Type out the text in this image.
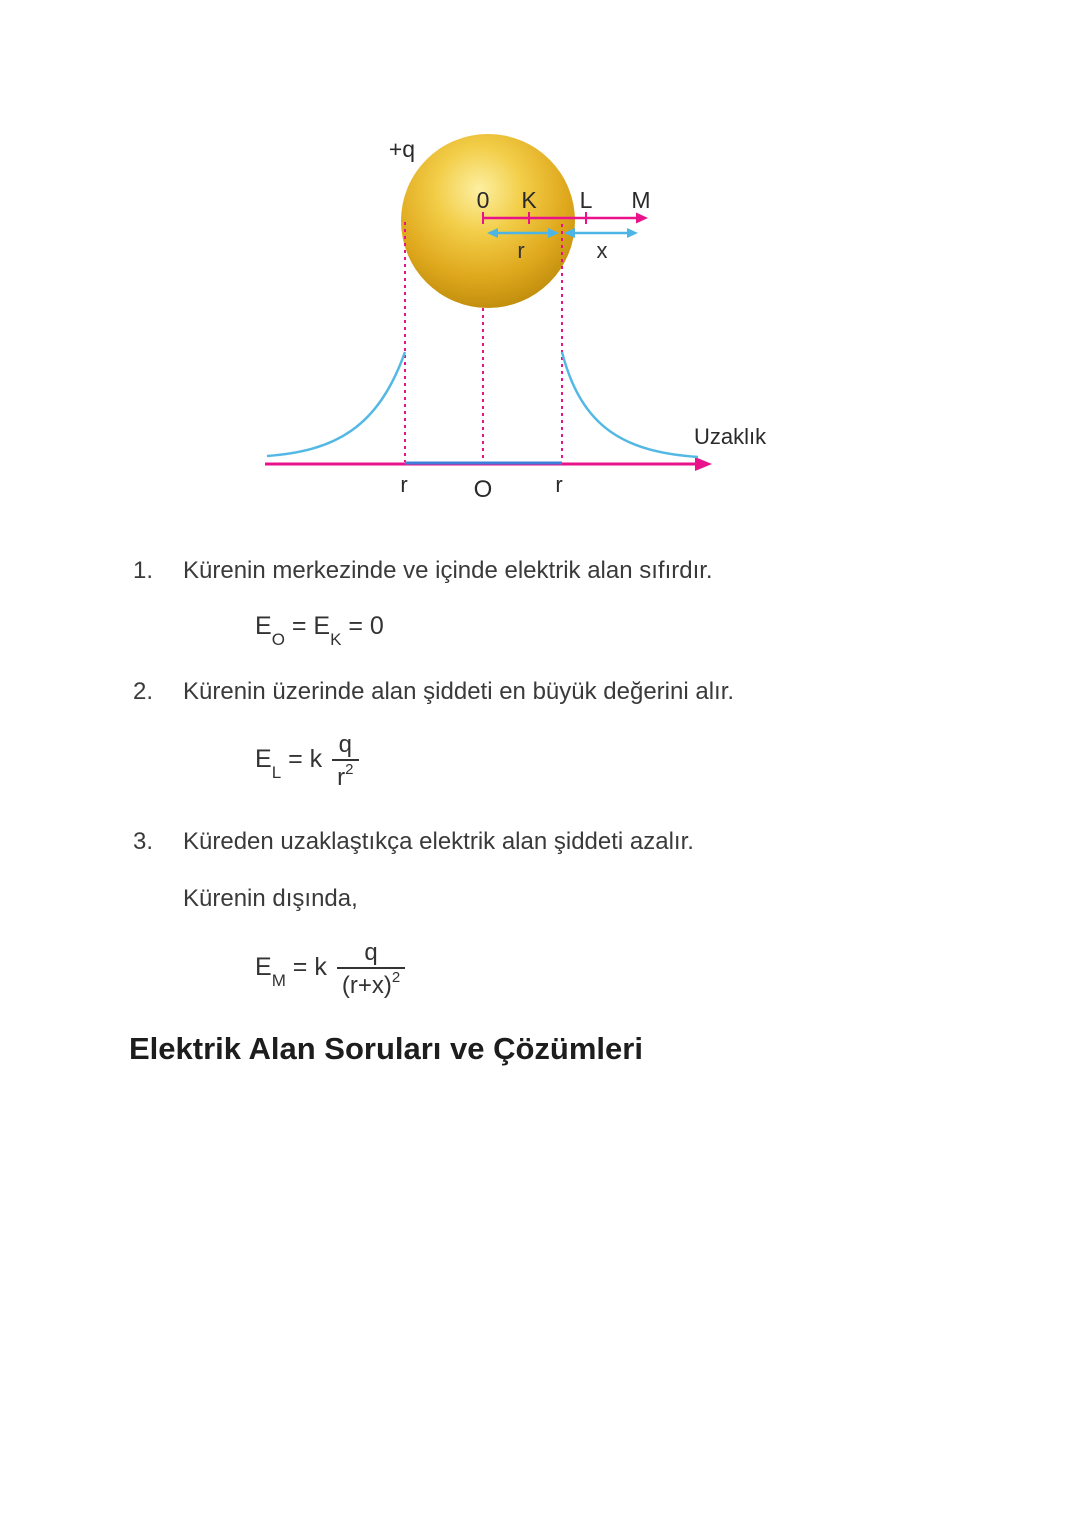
+q
0 K L M
r	x
Uzaklık
r	O	r
1.	Kürenin merkezinde ve içinde elektrik alan sıfırdır.
$E_O = E_K = 0$
2.	Kürenin üzerinde alan şiddeti en büyük değerini alır.
$E_L = k \frac{q}{r^2}$
3.	Küreden uzaklaştıkça elektrik alan şiddeti azalır.
Kürenin dışında,
$E_M = k \frac{q}{(r+x)^2}$
Elektrik Alan Soruları ve Çözümleri
